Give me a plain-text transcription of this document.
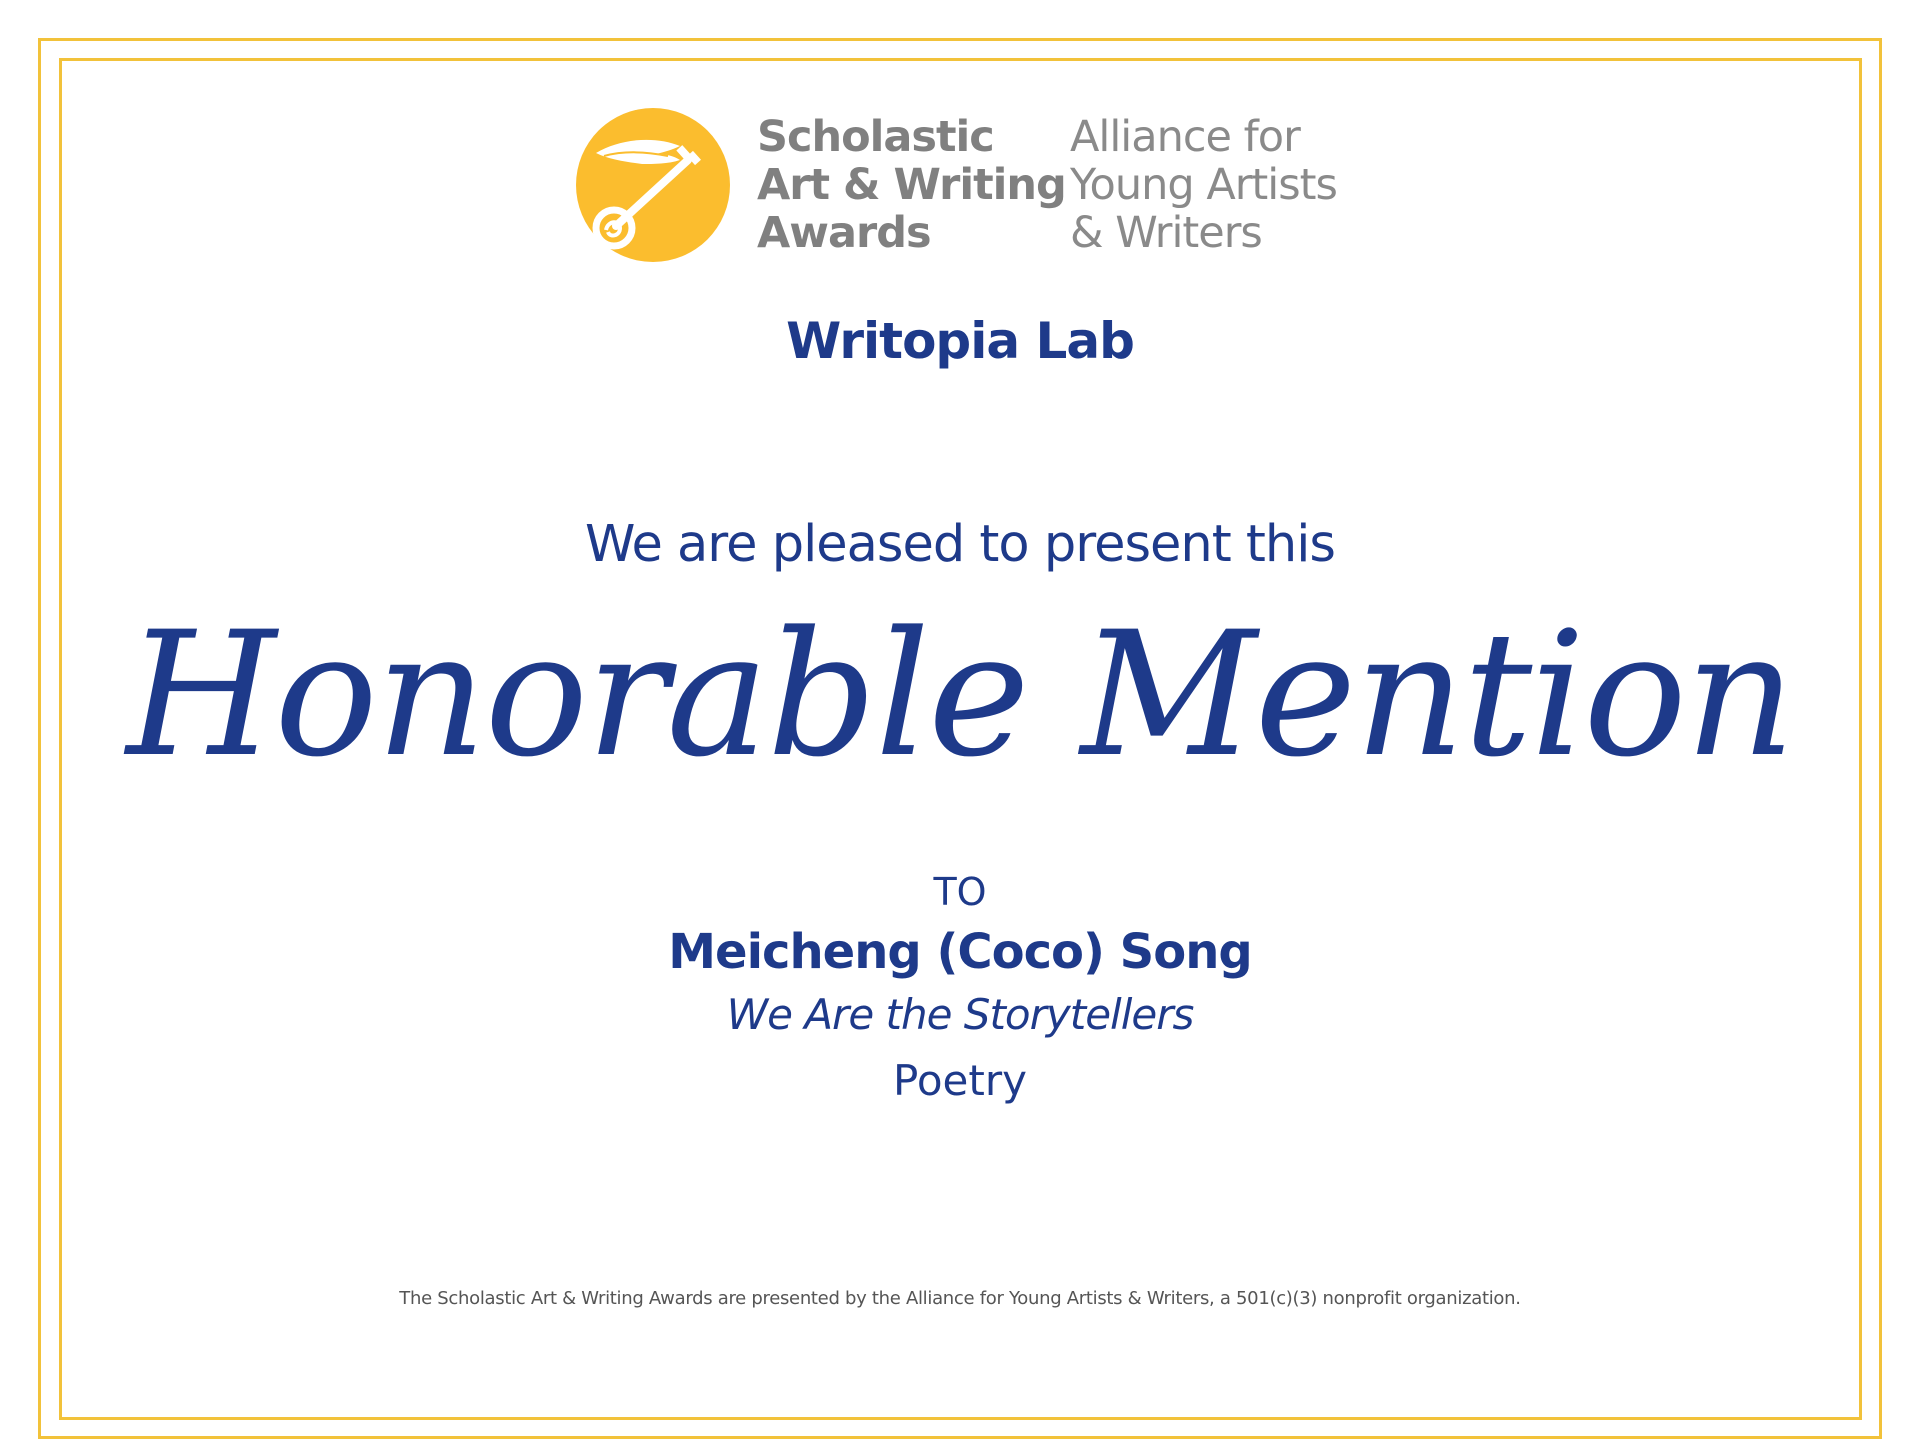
Scholastic
Art & Writing
Awards
Alliance for
Young Artists
& Writers
Writopia Lab
We are pleased to present this
Honorable Mention
TO
Meicheng (Coco) Song
We Are the Storytellers
Poetry
The Scholastic Art & Writing Awards are presented by the Alliance for Young Artists & Writers, a 501(c)(3) nonprofit organization.
